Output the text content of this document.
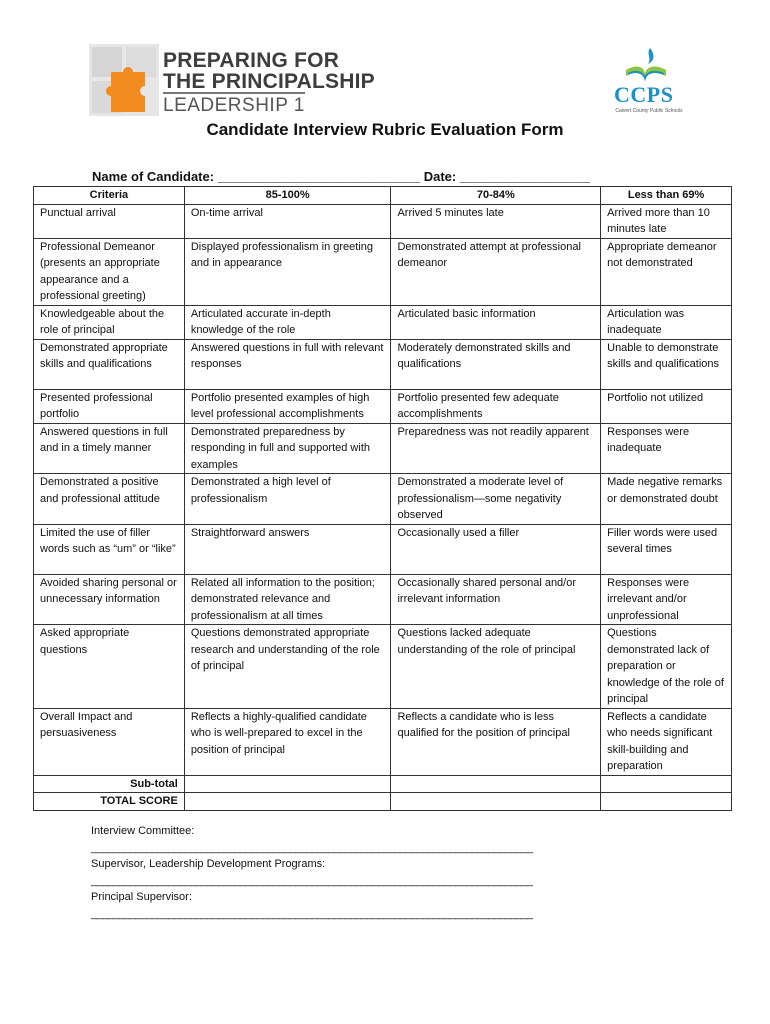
PREPARING FOR
THE PRINCIPALSHIP
LEADERSHIP 1	CCPS
Calvert County Public Schools
Candidate Interview Rubric Evaluation Form
Name of Candidate: ____________________________ Date: __________________
Criteria	85-100%	70-84%	Less than 69%
Punctual arrival	On-time arrival	Arrived 5 minutes late	Arrived more than 10 minutes late
Professional Demeanor (presents an appropriate appearance and a professional greeting)	Displayed professionalism in greeting and in appearance	Demonstrated attempt at professional demeanor	Appropriate demeanor not demonstrated
Knowledgeable about the role of principal	Articulated accurate in-depth knowledge of the role	Articulated basic information	Articulation was inadequate
Demonstrated appropriate skills and qualifications	Answered questions in full with relevant responses	Moderately demonstrated skills and qualifications	Unable to demonstrate skills and qualifications
Presented professional portfolio	Portfolio presented examples of high level professional accomplishments	Portfolio presented few adequate accomplishments	Portfolio not utilized
Answered questions in full and in a timely manner	Demonstrated preparedness by responding in full and supported with examples	Preparedness was not readily apparent	Responses were inadequate
Demonstrated a positive and professional attitude	Demonstrated a high level of professionalism	Demonstrated a moderate level of professionalism—some negativity observed	Made negative remarks or demonstrated doubt
Limited the use of filler words such as “um” or “like”	Straightforward answers	Occasionally used a filler	Filler words were used several times
Avoided sharing personal or unnecessary information	Related all information to the position; demonstrated relevance and professionalism at all times	Occasionally shared personal and/or irrelevant information	Responses were irrelevant and/or unprofessional
Asked appropriate questions	Questions demonstrated appropriate research and understanding of the role of principal	Questions lacked adequate understanding of the role of principal	Questions demonstrated lack of preparation or knowledge of the role of principal
Overall Impact and persuasiveness	Reflects a highly-qualified candidate who is well-prepared to excel in the position of principal	Reflects a candidate who is less qualified for the position of principal	Reflects a candidate who needs significant skill-building and preparation
Sub-total			
TOTAL SCORE			
Interview Committee:
________________________________________________________________________________
Supervisor, Leadership Development Programs:
________________________________________________________________________________
Principal Supervisor:
________________________________________________________________________________
